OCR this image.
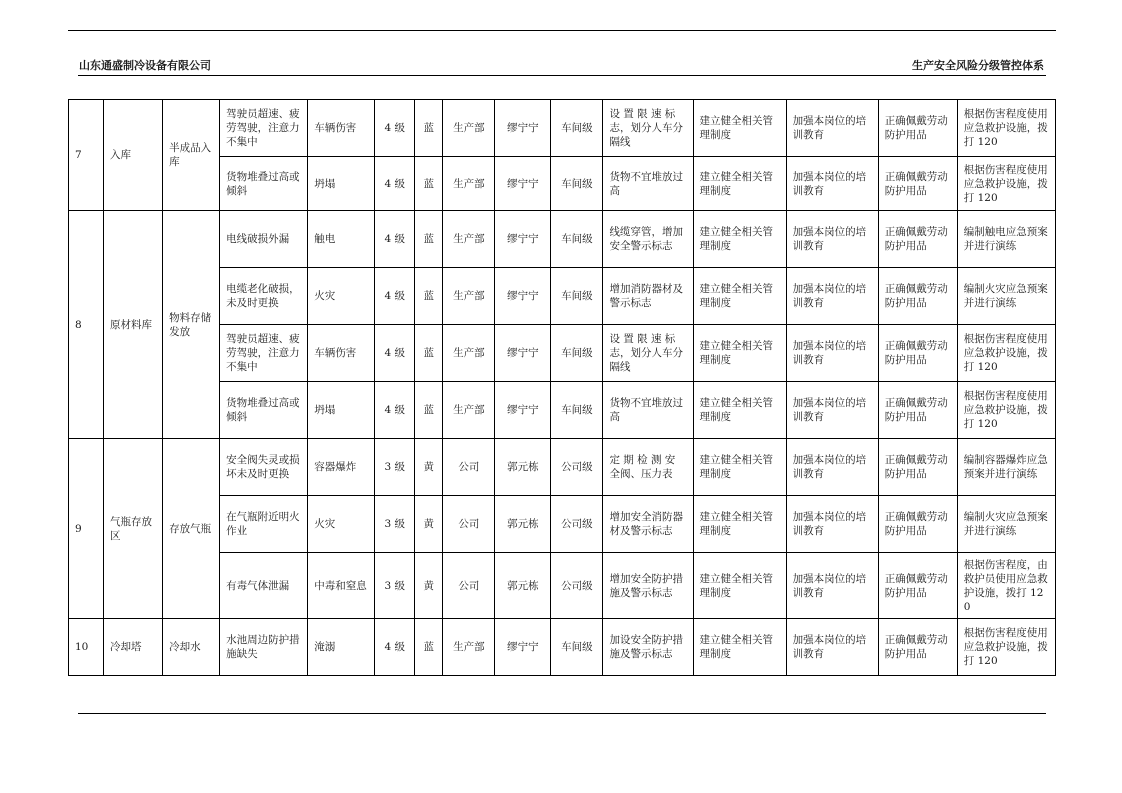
山东通盛制冷设备有限公司	生产安全风险分级管控体系
7	入库	半成品入库	驾驶员超速、疲劳驾驶，注意力不集中	车辆伤害	4 级	蓝	生产部	缪宁宁	车间级	设 置 限 速 标志，划分人车分隔线	建立健全相关管理制度	加强本岗位的培训教育	正确佩戴劳动防护用品	根据伤害程度使用应急救护设施，拨打 120
			货物堆叠过高或倾斜	坍塌	4 级	蓝	生产部	缪宁宁	车间级	货物不宜堆放过高	建立健全相关管理制度	加强本岗位的培训教育	正确佩戴劳动防护用品	根据伤害程度使用应急救护设施，拨打 120
8	原材料库	物料存储发放	电线破损外漏	触电	4 级	蓝	生产部	缪宁宁	车间级	线缆穿管，增加安全警示标志	建立健全相关管理制度	加强本岗位的培训教育	正确佩戴劳动防护用品	编制触电应急预案并进行演练
			电缆老化破损，未及时更换	火灾	4 级	蓝	生产部	缪宁宁	车间级	增加消防器材及警示标志	建立健全相关管理制度	加强本岗位的培训教育	正确佩戴劳动防护用品	编制火灾应急预案并进行演练
			驾驶员超速、疲劳驾驶，注意力不集中	车辆伤害	4 级	蓝	生产部	缪宁宁	车间级	设 置 限 速 标志，划分人车分隔线	建立健全相关管理制度	加强本岗位的培训教育	正确佩戴劳动防护用品	根据伤害程度使用应急救护设施，拨打 120
			货物堆叠过高或倾斜	坍塌	4 级	蓝	生产部	缪宁宁	车间级	货物不宜堆放过高	建立健全相关管理制度	加强本岗位的培训教育	正确佩戴劳动防护用品	根据伤害程度使用应急救护设施，拨打 120
9	气瓶存放区	存放气瓶	安全阀失灵或损坏未及时更换	容器爆炸	3 级	黄	公司	郭元栋	公司级	定 期 检 测 安 全阀、压力表	建立健全相关管理制度	加强本岗位的培训教育	正确佩戴劳动防护用品	编制容器爆炸应急预案并进行演练
			在气瓶附近明火作业	火灾	3 级	黄	公司	郭元栋	公司级	增加安全消防器材及警示标志	建立健全相关管理制度	加强本岗位的培训教育	正确佩戴劳动防护用品	编制火灾应急预案并进行演练
			有毒气体泄漏	中毒和窒息	3 级	黄	公司	郭元栋	公司级	增加安全防护措施及警示标志	建立健全相关管理制度	加强本岗位的培训教育	正确佩戴劳动防护用品	根据伤害程度，由救护员使用应急救护设施，拨打 120
10	冷却塔	冷却水	水池周边防护措施缺失	淹溺	4 级	蓝	生产部	缪宁宁	车间级	加设安全防护措施及警示标志	建立健全相关管理制度	加强本岗位的培训教育	正确佩戴劳动防护用品	根据伤害程度使用应急救护设施，拨打 120
